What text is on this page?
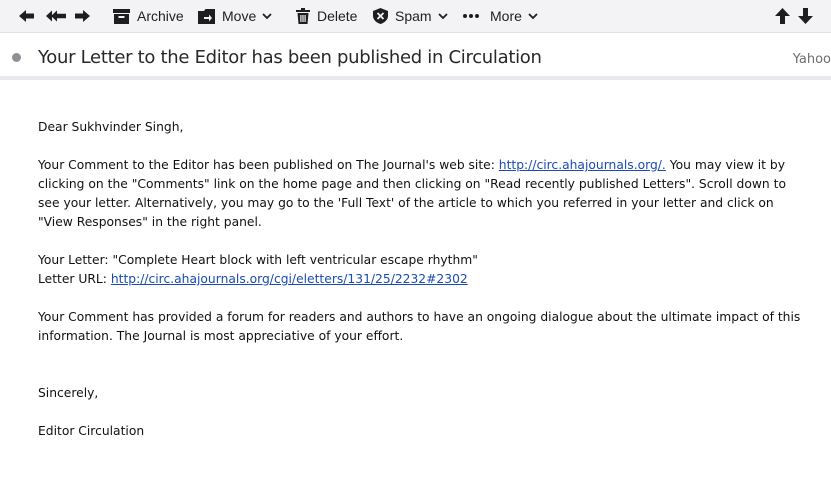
Archive	Move	Delete	Spam	More
Your Letter to the Editor has been published in Circulation	Yahoo

Dear Sukhvinder Singh,

Your Comment to the Editor has been published on The Journal's web site: http://circ.ahajournals.org/. You may view it by clicking on the "Comments" link on the home page and then clicking on "Read recently published Letters". Scroll down to see your letter. Alternatively, you may go to the 'Full Text' of the article to which you referred in your letter and click on "View Responses" in the right panel.

Your Letter: "Complete Heart block with left ventricular escape rhythm"

Letter URL: http://circ.ahajournals.org/cgi/eletters/131/25/2232#2302

Your Comment has provided a forum for readers and authors to have an ongoing dialogue about the ultimate impact of this information. The Journal is most appreciative of your effort.

Sincerely,

Editor Circulation
